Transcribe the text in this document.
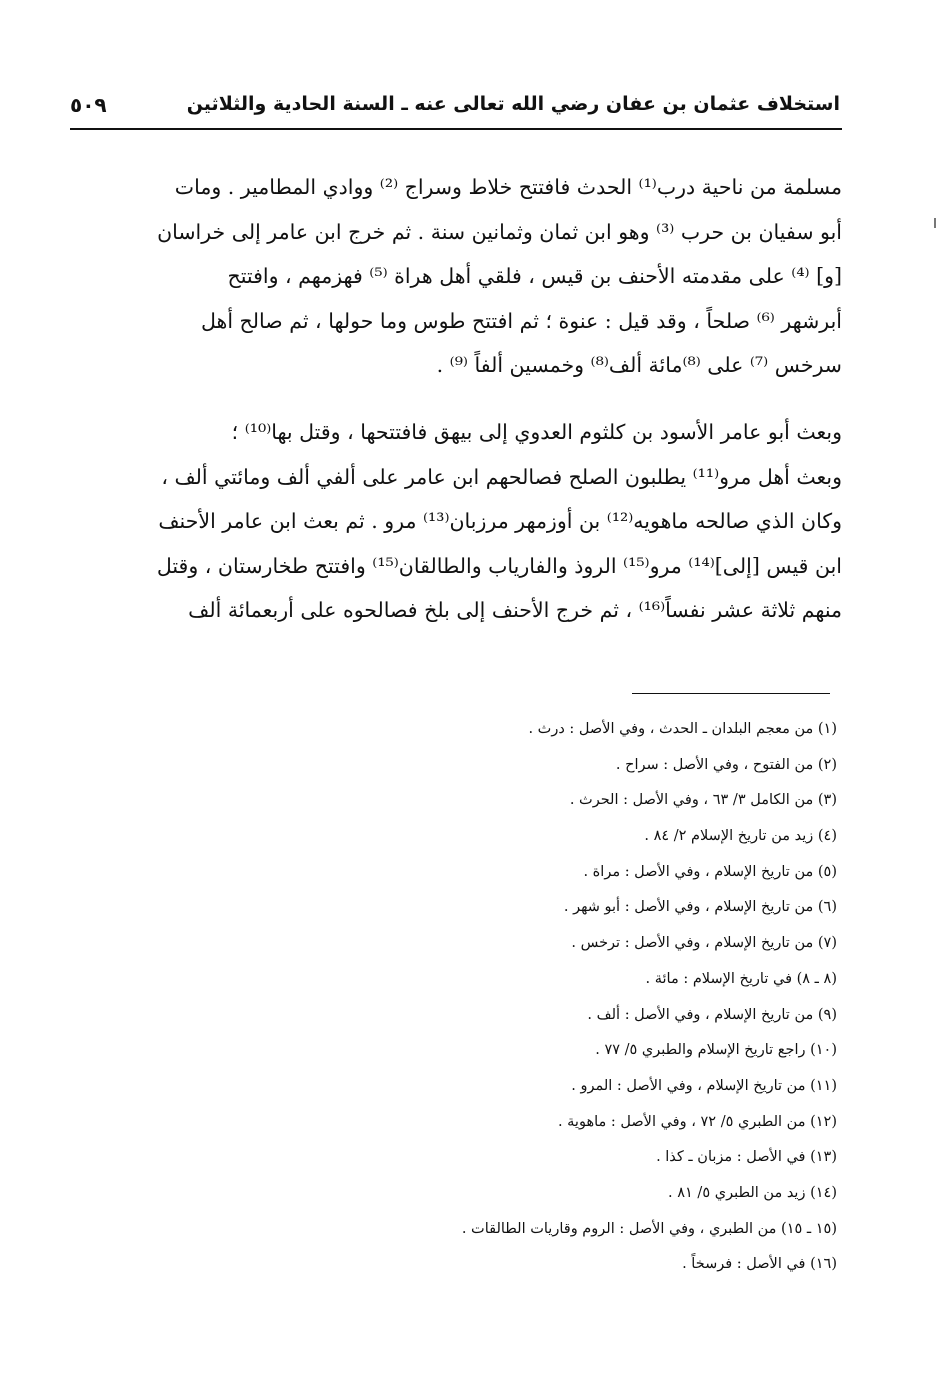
استخلاف عثمان بن عفان رضي الله تعالى عنه ـ السنة الحادية والثلاثين
٥٠٩
مسلمة من ناحية درب⁽¹⁾ الحدث فافتتح خلاط وسراج ⁽²⁾ ووادي المطامير . ومات
أبو سفيان بن حرب ⁽³⁾ وهو ابن ثمان وثمانين سنة . ثم خرج ابن عامر إلى خراسان
[و] ⁽⁴⁾ على مقدمته الأحنف بن قيس ، فلقي أهل هراة ⁽⁵⁾ فهزمهم ، وافتتح
أبرشهر ⁽⁶⁾ صلحاً ، وقد قيل : عنوة ؛ ثم افتتح طوس وما حولها ، ثم صالح أهل
سرخس ⁽⁷⁾ على ⁽⁸⁾مائة ألف⁽⁸⁾ وخمسين ألفاً ⁽⁹⁾ .
وبعث أبو عامر الأسود بن كلثوم العدوي إلى بيهق فافتتحها ، وقتل بها⁽¹⁰⁾ ؛
وبعث أهل مرو⁽¹¹⁾ يطلبون الصلح فصالحهم ابن عامر على ألفي ألف ومائتي ألف ،
وكان الذي صالحه ماهويه⁽¹²⁾ بن أوزمهر مرزبان⁽¹³⁾ مرو . ثم بعث ابن عامر الأحنف
ابن قيس [إلى]⁽¹⁴⁾ مرو⁽¹⁵⁾ الروذ والفارياب والطالقان⁽¹⁵⁾ وافتتح طخارستان ، وقتل
منهم ثلاثة عشر نفساً⁽¹⁶⁾ ، ثم خرج الأحنف إلى بلخ فصالحوه على أربعمائة ألف
(١) من معجم البلدان ـ الحدث ، وفي الأصل : درث .
(٢) من الفتوح ، وفي الأصل : سراح .
(٣) من الكامل ٣/ ٦٣ ، وفي الأصل : الحرث .
(٤) زيد من تاريخ الإسلام ٢/ ٨٤ .
(٥) من تاريخ الإسلام ، وفي الأصل : مراة .
(٦) من تاريخ الإسلام ، وفي الأصل : أبو شهر .
(٧) من تاريخ الإسلام ، وفي الأصل : ترخس .
(٨ ـ ٨) في تاريخ الإسلام : مائة .
(٩) من تاريخ الإسلام ، وفي الأصل : ألف .
(١٠) راجع تاريخ الإسلام والطبري ٥/ ٧٧ .
(١١) من تاريخ الإسلام ، وفي الأصل : المرو .
(١٢) من الطبري ٥/ ٧٢ ، وفي الأصل : ماهوية .
(١٣) في الأصل : مزبان ـ كذا .
(١٤) زيد من الطبري ٥/ ٨١ .
(١٥ ـ ١٥) من الطبري ، وفي الأصل : الروم وقاريات الطالقات .
(١٦) في الأصل : فرسخاً .
